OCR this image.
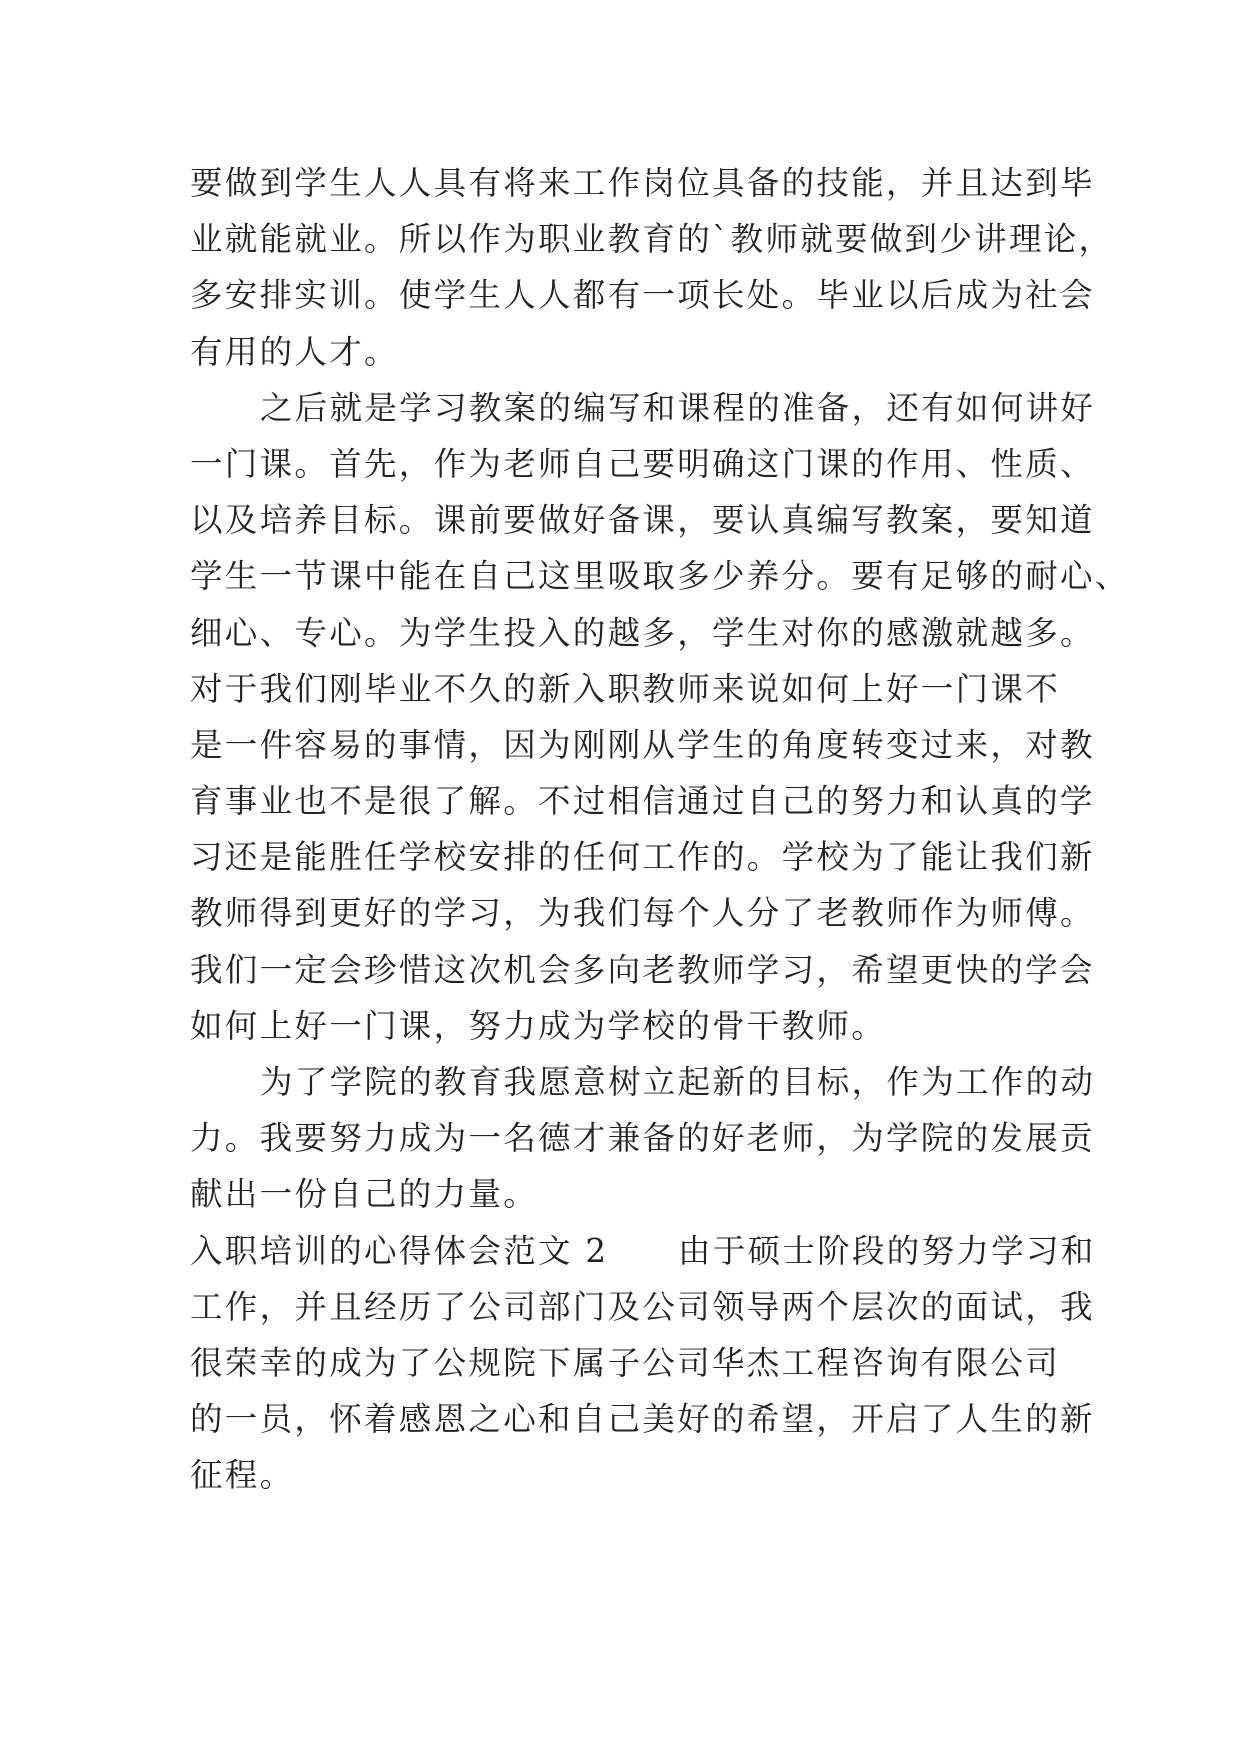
要做到学生人人具有将来工作岗位具备的技能，并且达到毕
业就能就业。所以作为职业教育的`教师就要做到少讲理论，
多安排实训。使学生人人都有一项长处。毕业以后成为社会
有用的人才。
之后就是学习教案的编写和课程的准备，还有如何讲好
一门课。首先，作为老师自己要明确这门课的作用、性质、
以及培养目标。课前要做好备课，要认真编写教案，要知道
学生一节课中能在自己这里吸取多少养分。要有足够的耐心、
细心、专心。为学生投入的越多，学生对你的感激就越多。
对于我们刚毕业不久的新入职教师来说如何上好一门课不
是一件容易的事情，因为刚刚从学生的角度转变过来，对教
育事业也不是很了解。不过相信通过自己的努力和认真的学
习还是能胜任学校安排的任何工作的。学校为了能让我们新
教师得到更好的学习，为我们每个人分了老教师作为师傅。
我们一定会珍惜这次机会多向老教师学习，希望更快的学会
如何上好一门课，努力成为学校的骨干教师。
为了学院的教育我愿意树立起新的目标，作为工作的动
力。我要努力成为一名德才兼备的好老师，为学院的发展贡
献出一份自己的力量。
入职培训的心得体会范文 2　　由于硕士阶段的努力学习和
工作，并且经历了公司部门及公司领导两个层次的面试，我
很荣幸的成为了公规院下属子公司华杰工程咨询有限公司
的一员，怀着感恩之心和自己美好的希望，开启了人生的新
征程。
